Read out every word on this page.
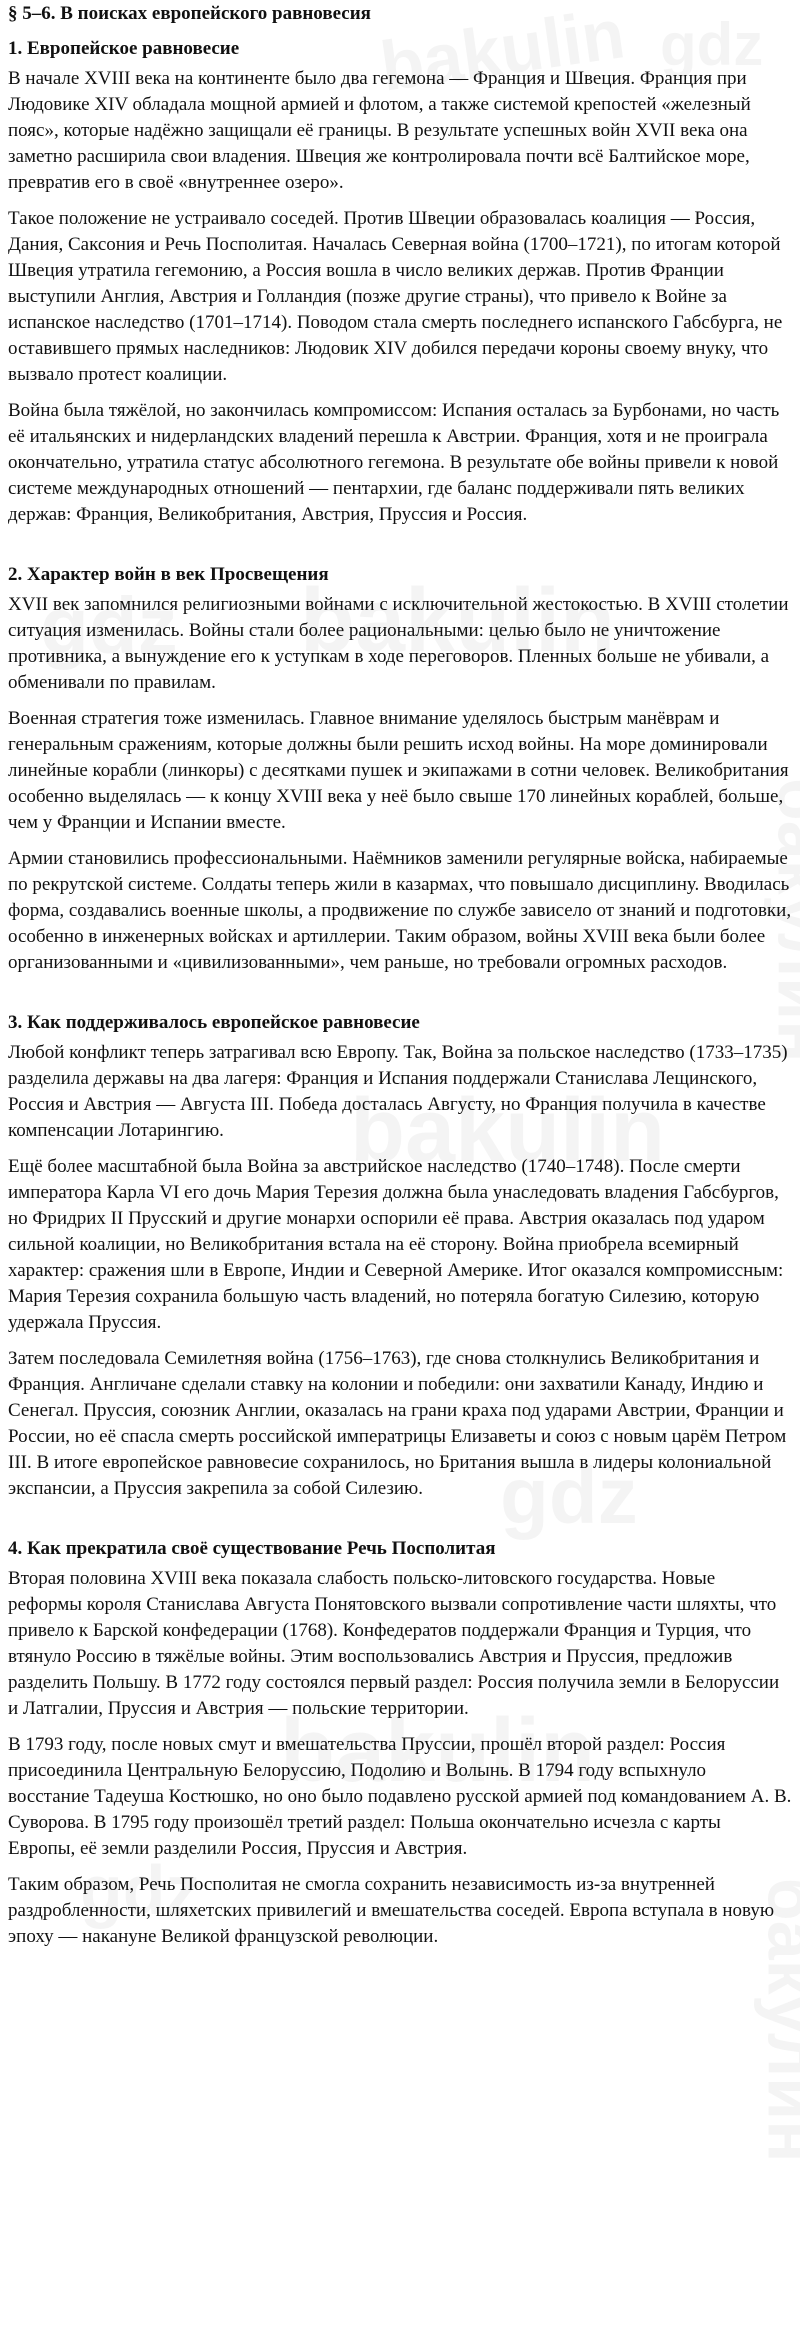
§ 5–6. В поисках европейского равновесия
1. Европейское равновесие

В начале XVIII века на континенте было два гегемона — Франция и Швеция. Франция при Людовике XIV обладала мощной армией и флотом, а также системой крепостей «железный пояс», которые надёжно защищали её границы. В результате успешных войн XVII века она заметно расширила свои владения. Швеция же контролировала почти всё Балтийское море, превратив его в своё «внутреннее озеро».

Такое положение не устраивало соседей. Против Швеции образовалась коалиция — Россия, Дания, Саксония и Речь Посполитая. Началась Северная война (1700–1721), по итогам которой Швеция утратила гегемонию, а Россия вошла в число великих держав. Против Франции выступили Англия, Австрия и Голландия (позже другие страны), что привело к Войне за испанское наследство (1701–1714). Поводом стала смерть последнего испанского Габсбурга, не оставившего прямых наследников: Людовик XIV добился передачи короны своему внуку, что вызвало протест коалиции.

Война была тяжёлой, но закончилась компромиссом: Испания осталась за Бурбонами, но часть её итальянских и нидерландских владений перешла к Австрии. Франция, хотя и не проиграла окончательно, утратила статус абсолютного гегемона. В результате обе войны привели к новой системе международных отношений — пентархии, где баланс поддерживали пять великих держав: Франция, Великобритания, Австрия, Пруссия и Россия.

2. Характер войн в век Просвещения

XVII век запомнился религиозными войнами с исключительной жестокостью. В XVIII столетии ситуация изменилась. Войны стали более рациональными: целью было не уничтожение противника, а вынуждение его к уступкам в ходе переговоров. Пленных больше не убивали, а обменивали по правилам.

Военная стратегия тоже изменилась. Главное внимание уделялось быстрым манёврам и генеральным сражениям, которые должны были решить исход войны. На море доминировали линейные корабли (линкоры) с десятками пушек и экипажами в сотни человек. Великобритания особенно выделялась — к концу XVIII века у неё было свыше 170 линейных кораблей, больше, чем у Франции и Испании вместе.

Армии становились профессиональными. Наёмников заменили регулярные войска, набираемые по рекрутской системе. Солдаты теперь жили в казармах, что повышало дисциплину. Вводилась форма, создавались военные школы, а продвижение по службе зависело от знаний и подготовки, особенно в инженерных войсках и артиллерии. Таким образом, войны XVIII века были более организованными и «цивилизованными», чем раньше, но требовали огромных расходов.

3. Как поддерживалось европейское равновесие

Любой конфликт теперь затрагивал всю Европу. Так, Война за польское наследство (1733–1735) разделила державы на два лагеря: Франция и Испания поддержали Станислава Лещинского, Россия и Австрия — Августа III. Победа досталась Августу, но Франция получила в качестве компенсации Лотарингию.

Ещё более масштабной была Война за австрийское наследство (1740–1748). После смерти императора Карла VI его дочь Мария Терезия должна была унаследовать владения Габсбургов, но Фридрих II Прусский и другие монархи оспорили её права. Австрия оказалась под ударом сильной коалиции, но Великобритания встала на её сторону. Война приобрела всемирный характер: сражения шли в Европе, Индии и Северной Америке. Итог оказался компромиссным: Мария Терезия сохранила большую часть владений, но потеряла богатую Силезию, которую удержала Пруссия.

Затем последовала Семилетняя война (1756–1763), где снова столкнулись Великобритания и Франция. Англичане сделали ставку на колонии и победили: они захватили Канаду, Индию и Сенегал. Пруссия, союзник Англии, оказалась на грани краха под ударами Австрии, Франции и России, но её спасла смерть российской императрицы Елизаветы и союз с новым царём Петром III. В итоге европейское равновесие сохранилось, но Британия вышла в лидеры колониальной экспансии, а Пруссия закрепила за собой Силезию.

4. Как прекратила своё существование Речь Посполитая

Вторая половина XVIII века показала слабость польско-литовского государства. Новые реформы короля Станислава Августа Понятовского вызвали сопротивление части шляхты, что привело к Барской конфедерации (1768). Конфедератов поддержали Франция и Турция, что втянуло Россию в тяжёлые войны. Этим воспользовались Австрия и Пруссия, предложив разделить Польшу. В 1772 году состоялся первый раздел: Россия получила земли в Белоруссии и Латгалии, Пруссия и Австрия — польские территории.

В 1793 году, после новых смут и вмешательства Пруссии, прошёл второй раздел: Россия присоединила Центральную Белоруссию, Подолию и Волынь. В 1794 году вспыхнуло восстание Тадеуша Костюшко, но оно было подавлено русской армией под командованием А. В. Суворова. В 1795 году произошёл третий раздел: Польша окончательно исчезла с карты Европы, её земли разделили Россия, Пруссия и Австрия.

Таким образом, Речь Посполитая не смогла сохранить независимость из-за внутренней раздробленности, шляхетских привилегий и вмешательства соседей. Европа вступала в новую эпоху — накануне Великой французской революции.
